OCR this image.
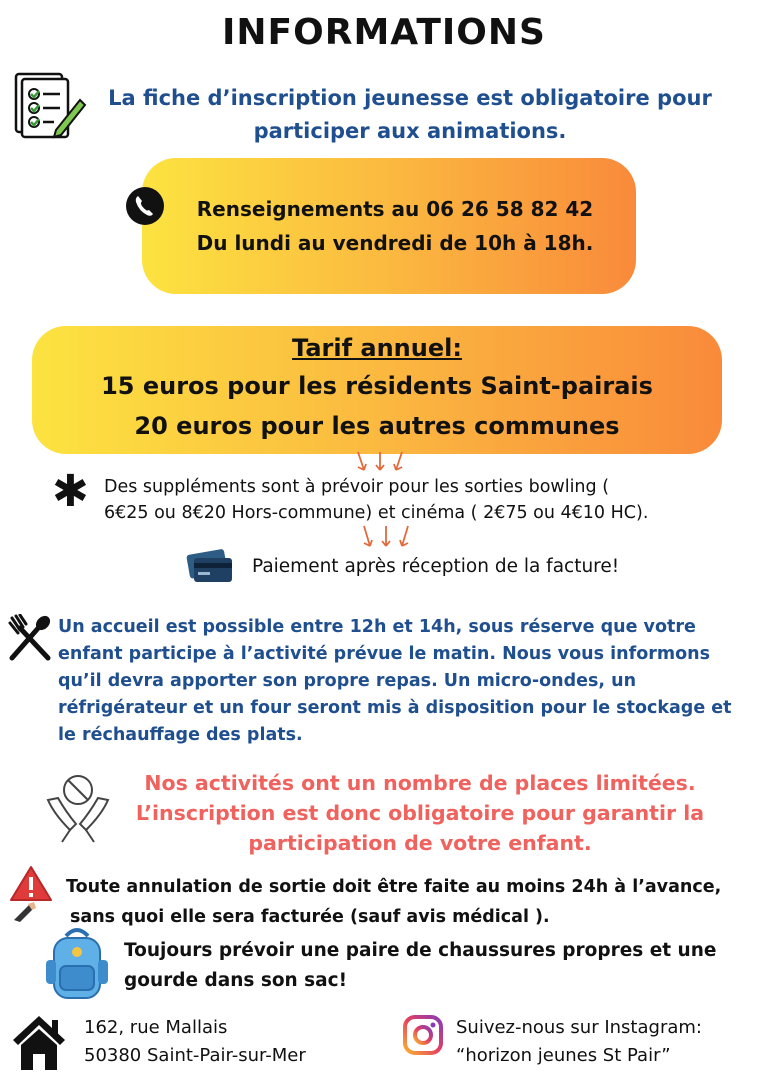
INFORMATIONS
La fiche d’inscription jeunesse est obligatoire pour
participer aux animations.
Renseignements au 06 26 58 82 42
Du lundi au vendredi de 10h à 18h.
Tarif annuel:
15 euros pour les résidents Saint-pairais
20 euros pour les autres communes
✱ Des suppléments sont à prévoir pour les sorties bowling (
6€25 ou 8€20 Hors-commune) et cinéma ( 2€75 ou 4€10 HC).
Paiement après réception de la facture!
Un accueil est possible entre 12h et 14h, sous réserve que votre
enfant participe à l’activité prévue le matin. Nous vous informons
qu’il devra apporter son propre repas. Un micro-ondes, un
réfrigérateur et un four seront mis à disposition pour le stockage et
le réchauffage des plats.
Nos activités ont un nombre de places limitées.
L’inscription est donc obligatoire pour garantir la
participation de votre enfant.
Toute annulation de sortie doit être faite au moins 24h à l’avance,
sans quoi elle sera facturée (sauf avis médical ).
Toujours prévoir une paire de chaussures propres et une
gourde dans son sac!
162, rue Mallais
50380 Saint-Pair-sur-Mer
Suivez-nous sur Instagram:
“horizon jeunes St Pair”
